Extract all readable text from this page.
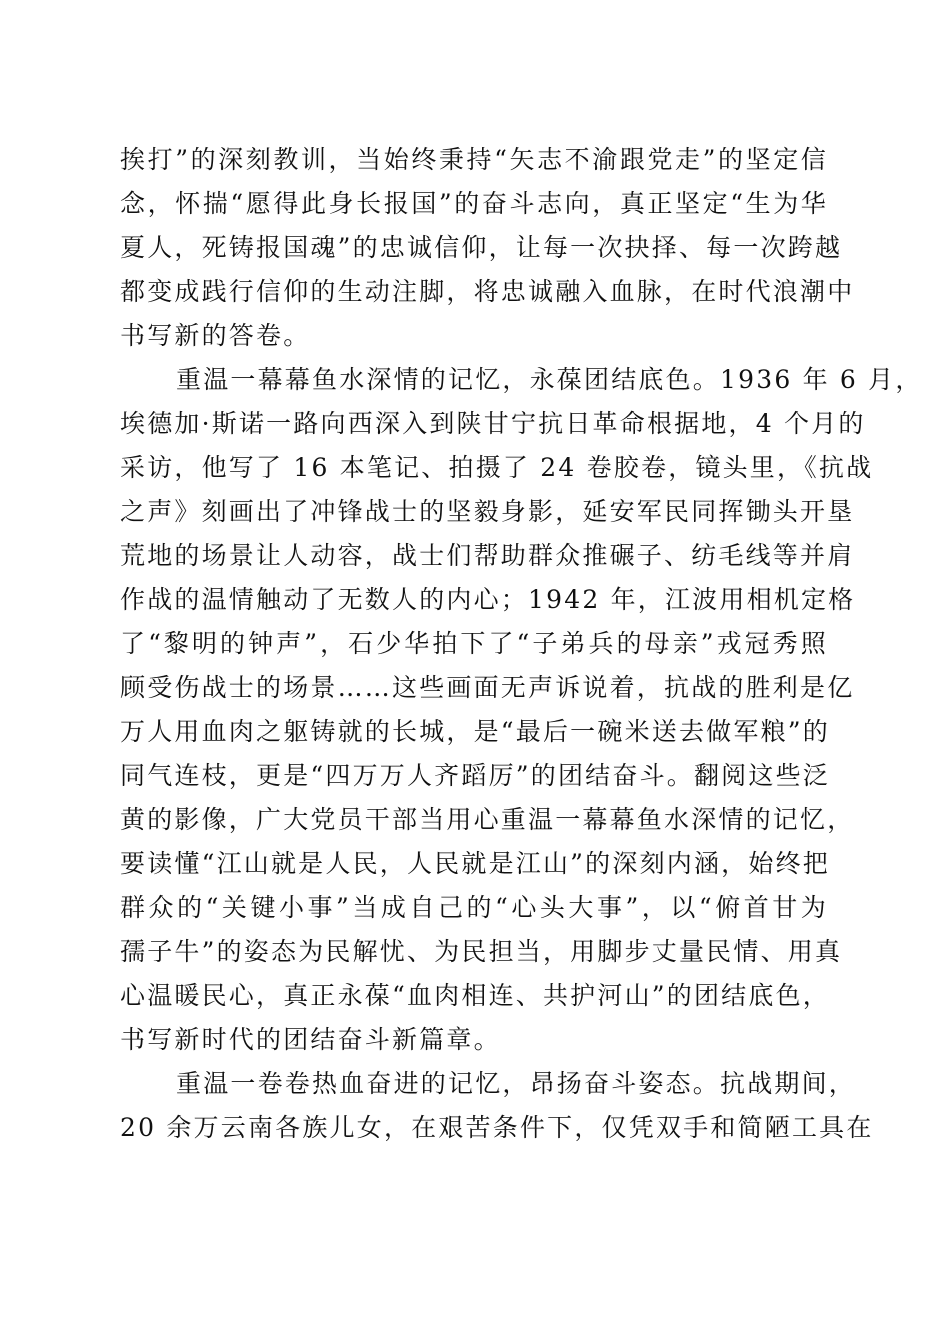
挨打”的深刻教训，当始终秉持“矢志不渝跟党走”的坚定信
念，怀揣“愿得此身长报国”的奋斗志向，真正坚定“生为华
夏人，死铸报国魂”的忠诚信仰，让每一次抉择、每一次跨越
都变成践行信仰的生动注脚，将忠诚融入血脉，在时代浪潮中
书写新的答卷。
重温一幕幕鱼水深情的记忆，永葆团结底色。1936 年 6 月，
埃德加·斯诺一路向西深入到陕甘宁抗日革命根据地，4 个月的
采访，他写了 16 本笔记、拍摄了 24 卷胶卷，镜头里，《抗战
之声》刻画出了冲锋战士的坚毅身影，延安军民同挥锄头开垦
荒地的场景让人动容，战士们帮助群众推碾子、纺毛线等并肩
作战的温情触动了无数人的内心；1942 年，江波用相机定格
了“黎明的钟声”，石少华拍下了“子弟兵的母亲”戎冠秀照
顾受伤战士的场景……这些画面无声诉说着，抗战的胜利是亿
万人用血肉之躯铸就的长城，是“最后一碗米送去做军粮”的
同气连枝，更是“四万万人齐蹈厉”的团结奋斗。翻阅这些泛
黄的影像，广大党员干部当用心重温一幕幕鱼水深情的记忆，
要读懂“江山就是人民，人民就是江山”的深刻内涵，始终把
群众的“关键小事”当成自己的“心头大事”，以“俯首甘为
孺子牛”的姿态为民解忧、为民担当，用脚步丈量民情、用真
心温暖民心，真正永葆“血肉相连、共护河山”的团结底色，
书写新时代的团结奋斗新篇章。
重温一卷卷热血奋进的记忆，昂扬奋斗姿态。抗战期间，
20 余万云南各族儿女，在艰苦条件下，仅凭双手和简陋工具在
